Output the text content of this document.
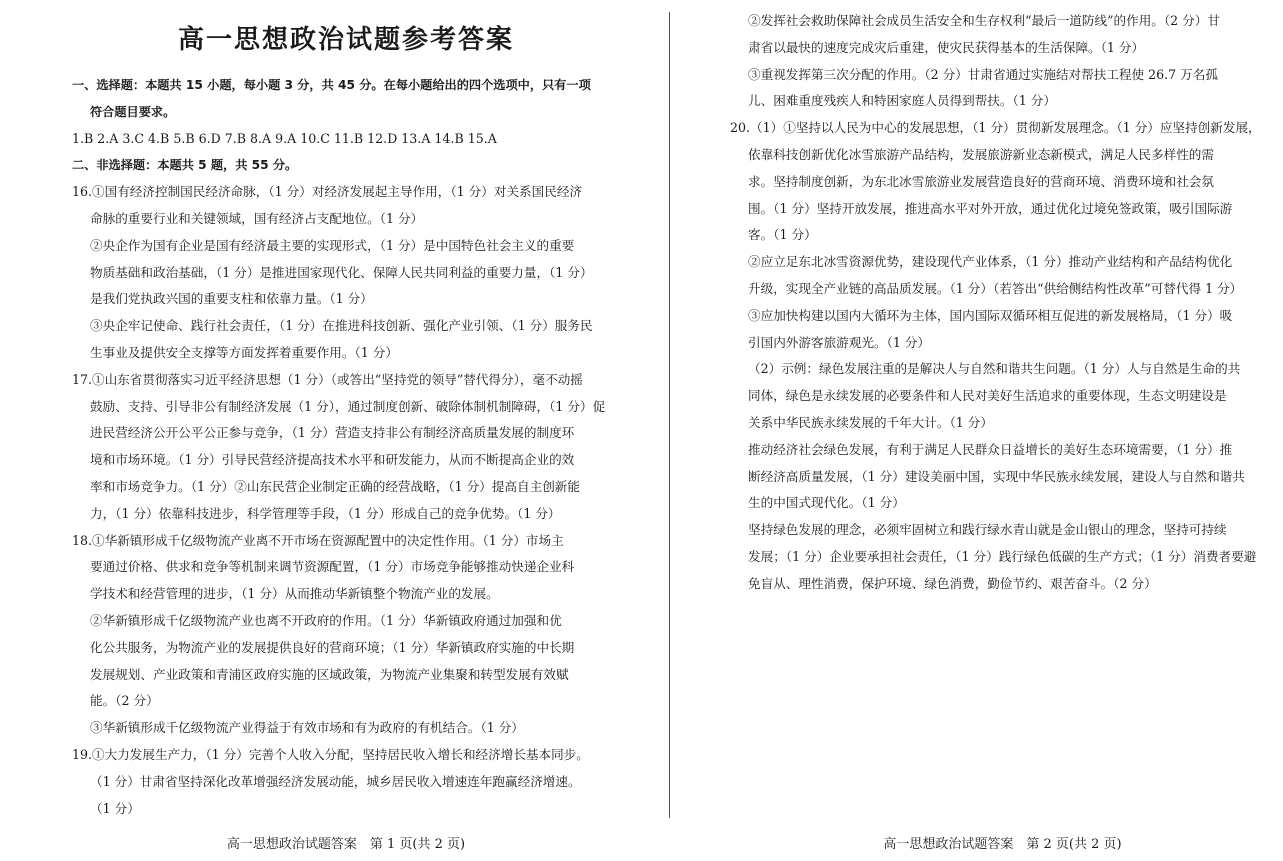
高一思想政治试题参考答案
一、选择题：本题共 15 小题，每小题 3 分，共 45 分。在每小题给出的四个选项中，只有一项
符合题目要求。
1.B 2.A 3.C 4.B 5.B 6.D 7.B 8.A 9.A 10.C 11.B 12.D 13.A 14.B 15.A
二、非选择题：本题共 5 题，共 55 分。
16.①国有经济控制国民经济命脉，（1 分）对经济发展起主导作用，（1 分）对关系国民经济
命脉的重要行业和关键领域，国有经济占支配地位。（1 分）
②央企作为国有企业是国有经济最主要的实现形式，（1 分）是中国特色社会主义的重要
物质基础和政治基础，（1 分）是推进国家现代化、保障人民共同利益的重要力量，（1 分）
是我们党执政兴国的重要支柱和依靠力量。（1 分）
③央企牢记使命、践行社会责任，（1 分）在推进科技创新、强化产业引领、（1 分）服务民
生事业及提供安全支撑等方面发挥着重要作用。（1 分）
17.①山东省贯彻落实习近平经济思想（1 分）（或答出“坚持党的领导”替代得分），毫不动摇
鼓励、支持、引导非公有制经济发展（1 分），通过制度创新、破除体制机制障碍，（1 分）促
进民营经济公开公平公正参与竞争，（1 分）营造支持非公有制经济高质量发展的制度环
境和市场环境。（1 分）引导民营经济提高技术水平和研发能力，从而不断提高企业的效
率和市场竞争力。（1 分）②山东民营企业制定正确的经营战略，（1 分）提高自主创新能
力，（1 分）依靠科技进步，科学管理等手段，（1 分）形成自己的竞争优势。（1 分）
18.①华新镇形成千亿级物流产业离不开市场在资源配置中的决定性作用。（1 分）市场主
要通过价格、供求和竞争等机制来调节资源配置，（1 分）市场竞争能够推动快递企业科
学技术和经营管理的进步，（1 分）从而推动华新镇整个物流产业的发展。
②华新镇形成千亿级物流产业也离不开政府的作用。（1 分）华新镇政府通过加强和优
化公共服务，为物流产业的发展提供良好的营商环境；（1 分）华新镇政府实施的中长期
发展规划、产业政策和青浦区政府实施的区域政策，为物流产业集聚和转型发展有效赋
能。（2 分）
③华新镇形成千亿级物流产业得益于有效市场和有为政府的有机结合。（1 分）
19.①大力发展生产力，（1 分）完善个人收入分配，坚持居民收入增长和经济增长基本同步。
（1 分）甘肃省坚持深化改革增强经济发展动能，城乡居民收入增速连年跑赢经济增速。
（1 分）
高一思想政治试题答案　第 1 页(共 2 页)
②发挥社会救助保障社会成员生活安全和生存权利“最后一道防线”的作用。（2 分）甘
肃省以最快的速度完成灾后重建，使灾民获得基本的生活保障。（1 分）
③重视发挥第三次分配的作用。（2 分）甘肃省通过实施结对帮扶工程使 26.7 万名孤
儿、困难重度残疾人和特困家庭人员得到帮扶。（1 分）
20.（1）①坚持以人民为中心的发展思想，（1 分）贯彻新发展理念。（1 分）应坚持创新发展，
依靠科技创新优化冰雪旅游产品结构，发展旅游新业态新模式，满足人民多样性的需
求。坚持制度创新，为东北冰雪旅游业发展营造良好的营商环境、消费环境和社会氛
围。（1 分）坚持开放发展，推进高水平对外开放，通过优化过境免签政策，吸引国际游
客。（1 分）
②应立足东北冰雪资源优势，建设现代产业体系，（1 分）推动产业结构和产品结构优化
升级，实现全产业链的高品质发展。（1 分）（若答出“供给侧结构性改革”可替代得 1 分）
③应加快构建以国内大循环为主体，国内国际双循环相互促进的新发展格局，（1 分）吸
引国内外游客旅游观光。（1 分）
（2）示例：绿色发展注重的是解决人与自然和谐共生问题。（1 分）人与自然是生命的共
同体，绿色是永续发展的必要条件和人民对美好生活追求的重要体现，生态文明建设是
关系中华民族永续发展的千年大计。（1 分）
推动经济社会绿色发展，有利于满足人民群众日益增长的美好生态环境需要，（1 分）推
断经济高质量发展，（1 分）建设美丽中国，实现中华民族永续发展，建设人与自然和谐共
生的中国式现代化。（1 分）
坚持绿色发展的理念，必须牢固树立和践行绿水青山就是金山银山的理念，坚持可持续
发展；（1 分）企业要承担社会责任，（1 分）践行绿色低碳的生产方式；（1 分）消费者要避
免盲从、理性消费，保护环境、绿色消费，勤俭节约、艰苦奋斗。（2 分）
高一思想政治试题答案　第 2 页(共 2 页)
